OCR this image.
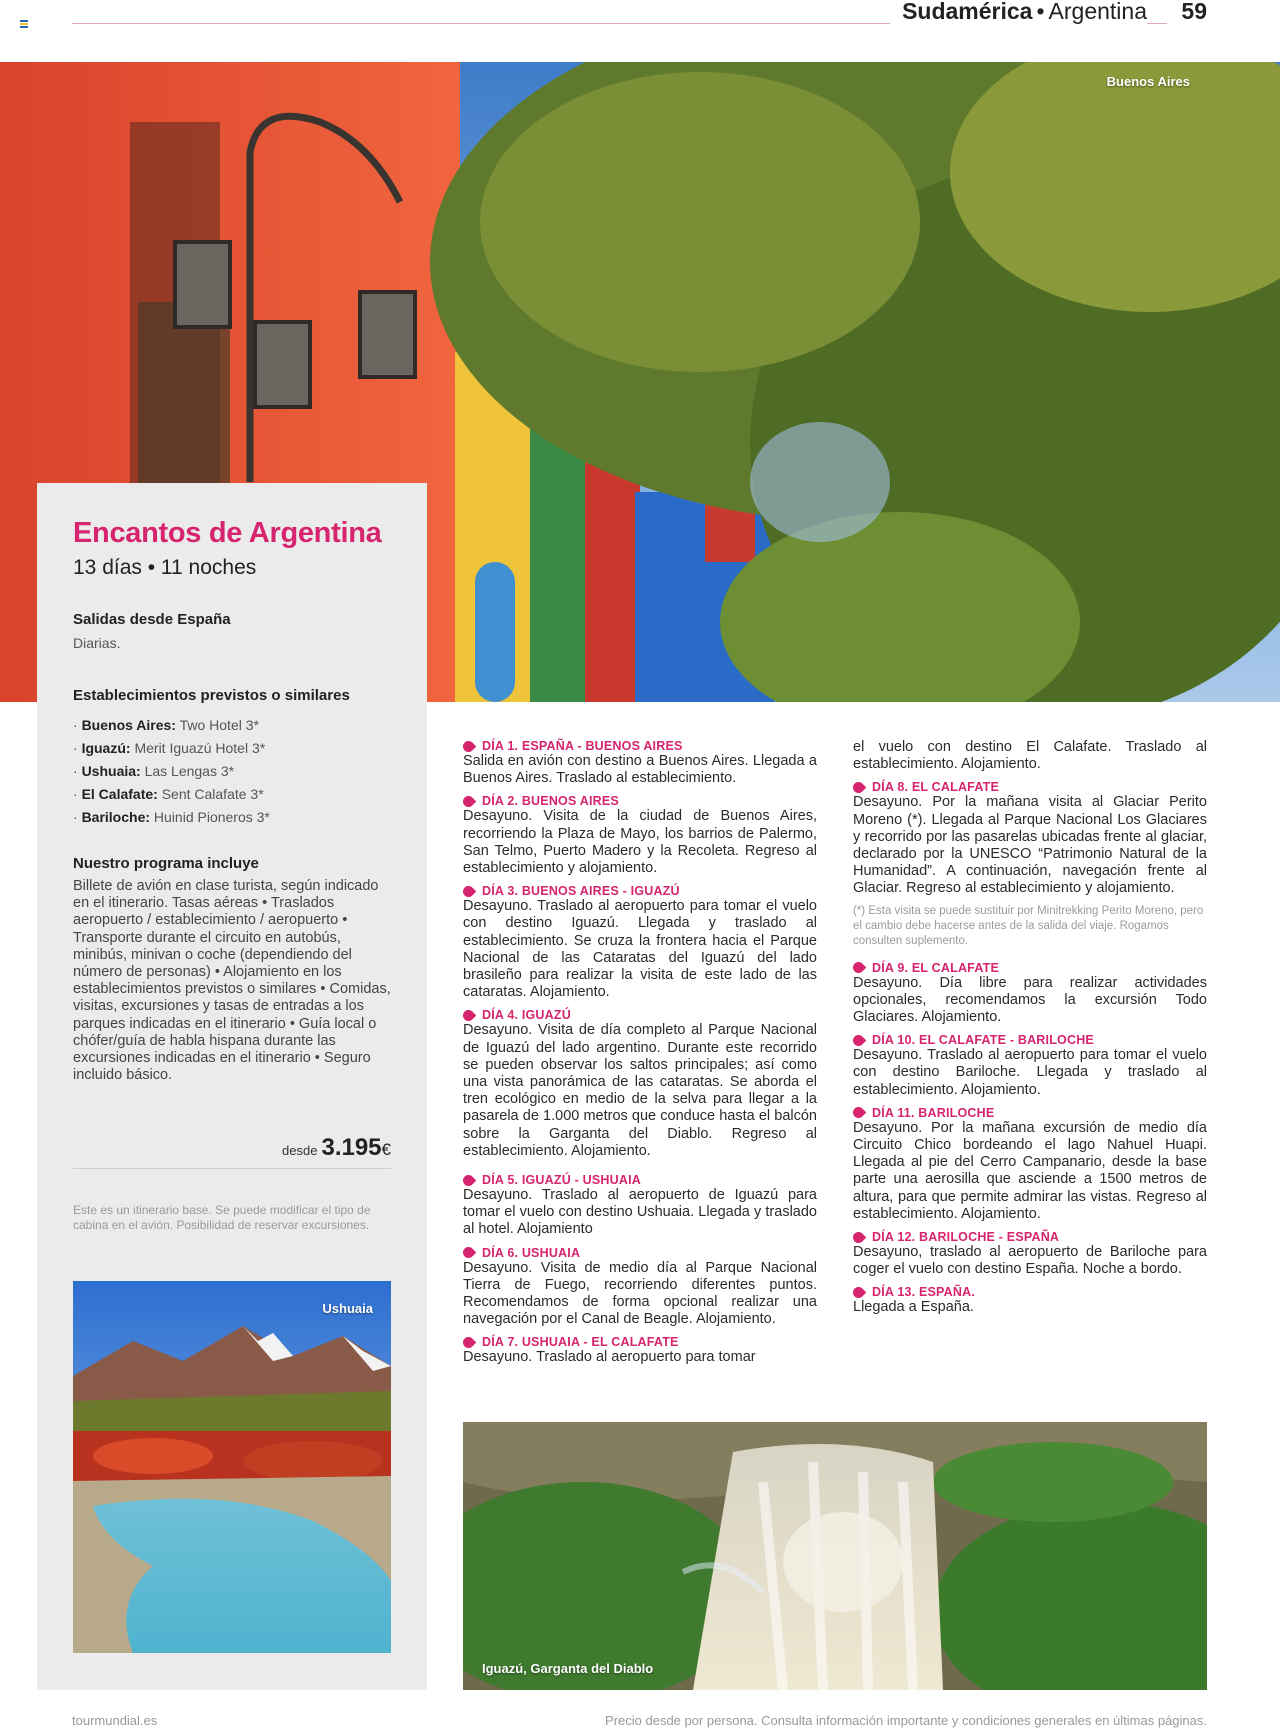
Sudamérica • Argentina	59
Buenos Aires
Encantos de Argentina
13 días • 11 noches
Salidas desde España
Diarias.
Establecimientos previstos o similares
· Buenos Aires: Two Hotel 3*
· Iguazú: Merit Iguazú Hotel 3*
· Ushuaia: Las Lengas 3*
· El Calafate: Sent Calafate 3*
· Bariloche: Huinid Pioneros 3*
Nuestro programa incluye
Billete de avión en clase turista, según indicado en el itinerario. Tasas aéreas • Traslados aeropuerto / establecimiento / aeropuerto • Transporte durante el circuito en autobús, minibús, minivan o coche (dependiendo del número de personas) • Alojamiento en los establecimientos previstos o similares • Comidas, visitas, excursiones y tasas de entradas a los parques indicadas en el itinerario • Guía local o chófer/guía de habla hispana durante las excursiones indicadas en el itinerario • Seguro incluido básico.
desde 3.195€
Este es un itinerario base. Se puede modificar el tipo de cabina en el avión. Posibilidad de reservar excursiones.
Ushuaia
DÍA 1. ESPAÑA - BUENOS AIRES
Salida en avión con destino a Buenos Aires. Llegada a Buenos Aires. Traslado al establecimiento.
DÍA 2. BUENOS AIRES
Desayuno. Visita de la ciudad de Buenos Aires, recorriendo la Plaza de Mayo, los barrios de Palermo, San Telmo, Puerto Madero y la Recoleta. Regreso al establecimiento y alojamiento.
DÍA 3. BUENOS AIRES - IGUAZÚ
Desayuno. Traslado al aeropuerto para tomar el vuelo con destino Iguazú. Llegada y traslado al establecimiento. Se cruza la frontera hacia el Parque Nacional de las Cataratas del Iguazú del lado brasileño para realizar la visita de este lado de las cataratas. Alojamiento.
DÍA 4. IGUAZÚ
Desayuno. Visita de día completo al Parque Nacional de Iguazú del lado argentino. Durante este recorrido se pueden observar los saltos principales; así como una vista panorámica de las cataratas. Se aborda el tren ecológico en medio de la selva para llegar a la pasarela de 1.000 metros que conduce hasta el balcón sobre la Garganta del Diablo. Regreso al establecimiento. Alojamiento.
DÍA 5. IGUAZÚ - USHUAIA
Desayuno. Traslado al aeropuerto de Iguazú para tomar el vuelo con destino Ushuaia. Llegada y traslado al hotel. Alojamiento
DÍA 6. USHUAIA
Desayuno. Visita de medio día al Parque Nacional Tierra de Fuego, recorriendo diferentes puntos. Recomendamos de forma opcional realizar una navegación por el Canal de Beagle. Alojamiento.
DÍA 7. USHUAIA - EL CALAFATE
Desayuno. Traslado al aeropuerto para tomar
el vuelo con destino El Calafate. Traslado al establecimiento. Alojamiento.
DÍA 8. EL CALAFATE
Desayuno. Por la mañana visita al Glaciar Perito Moreno (*). Llegada al Parque Nacional Los Glaciares y recorrido por las pasarelas ubicadas frente al glaciar, declarado por la UNESCO “Patrimonio Natural de la Humanidad”. A continuación, navegación frente al Glaciar. Regreso al establecimiento y alojamiento.
(*) Esta visita se puede sustituir por Minitrekking Perito Moreno, pero el cambio debe hacerse antes de la salida del viaje. Rogamos consulten suplemento.
DÍA 9. EL CALAFATE
Desayuno. Día libre para realizar actividades opcionales, recomendamos la excursión Todo Glaciares. Alojamiento.
DÍA 10. EL CALAFATE - BARILOCHE
Desayuno. Traslado al aeropuerto para tomar el vuelo con destino Bariloche. Llegada y traslado al establecimiento. Alojamiento.
DÍA 11. BARILOCHE
Desayuno. Por la mañana excursión de medio día Circuito Chico bordeando el lago Nahuel Huapi. Llegada al pie del Cerro Campanario, desde la base parte una aerosilla que asciende a 1500 metros de altura, para que permite admirar las vistas. Regreso al establecimiento. Alojamiento.
DÍA 12. BARILOCHE - ESPAÑA
Desayuno, traslado al aeropuerto de Bariloche para coger el vuelo con destino España. Noche a bordo.
DÍA 13. ESPAÑA.
Llegada a España.
Iguazú, Garganta del Diablo
tourmundial.es	Precio desde por persona. Consulta información importante y condiciones generales en últimas páginas.
